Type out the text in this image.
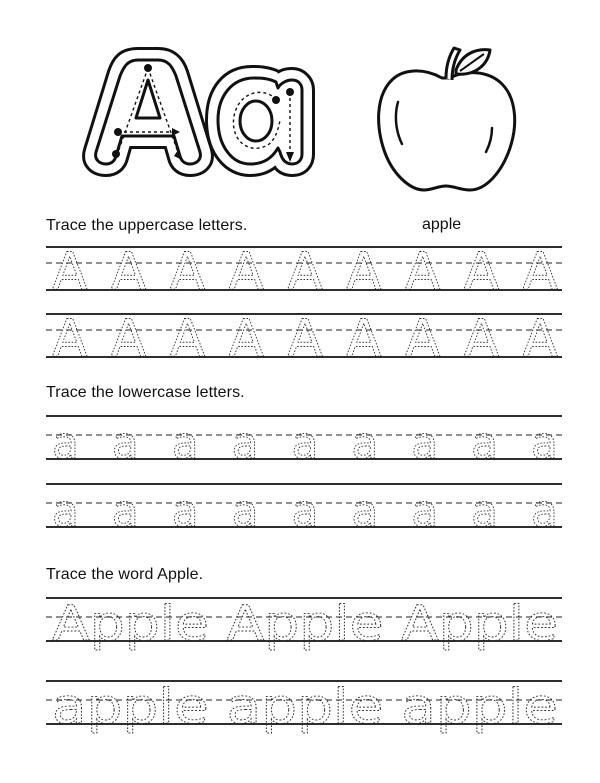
apple
Trace the uppercase letters.
A A A A A A A A A
A A A A A A A A A
Trace the lowercase letters.
a a a a a a a a a
a a a a a a a a a
Trace the word Apple.
Apple Apple Apple
apple apple apple
